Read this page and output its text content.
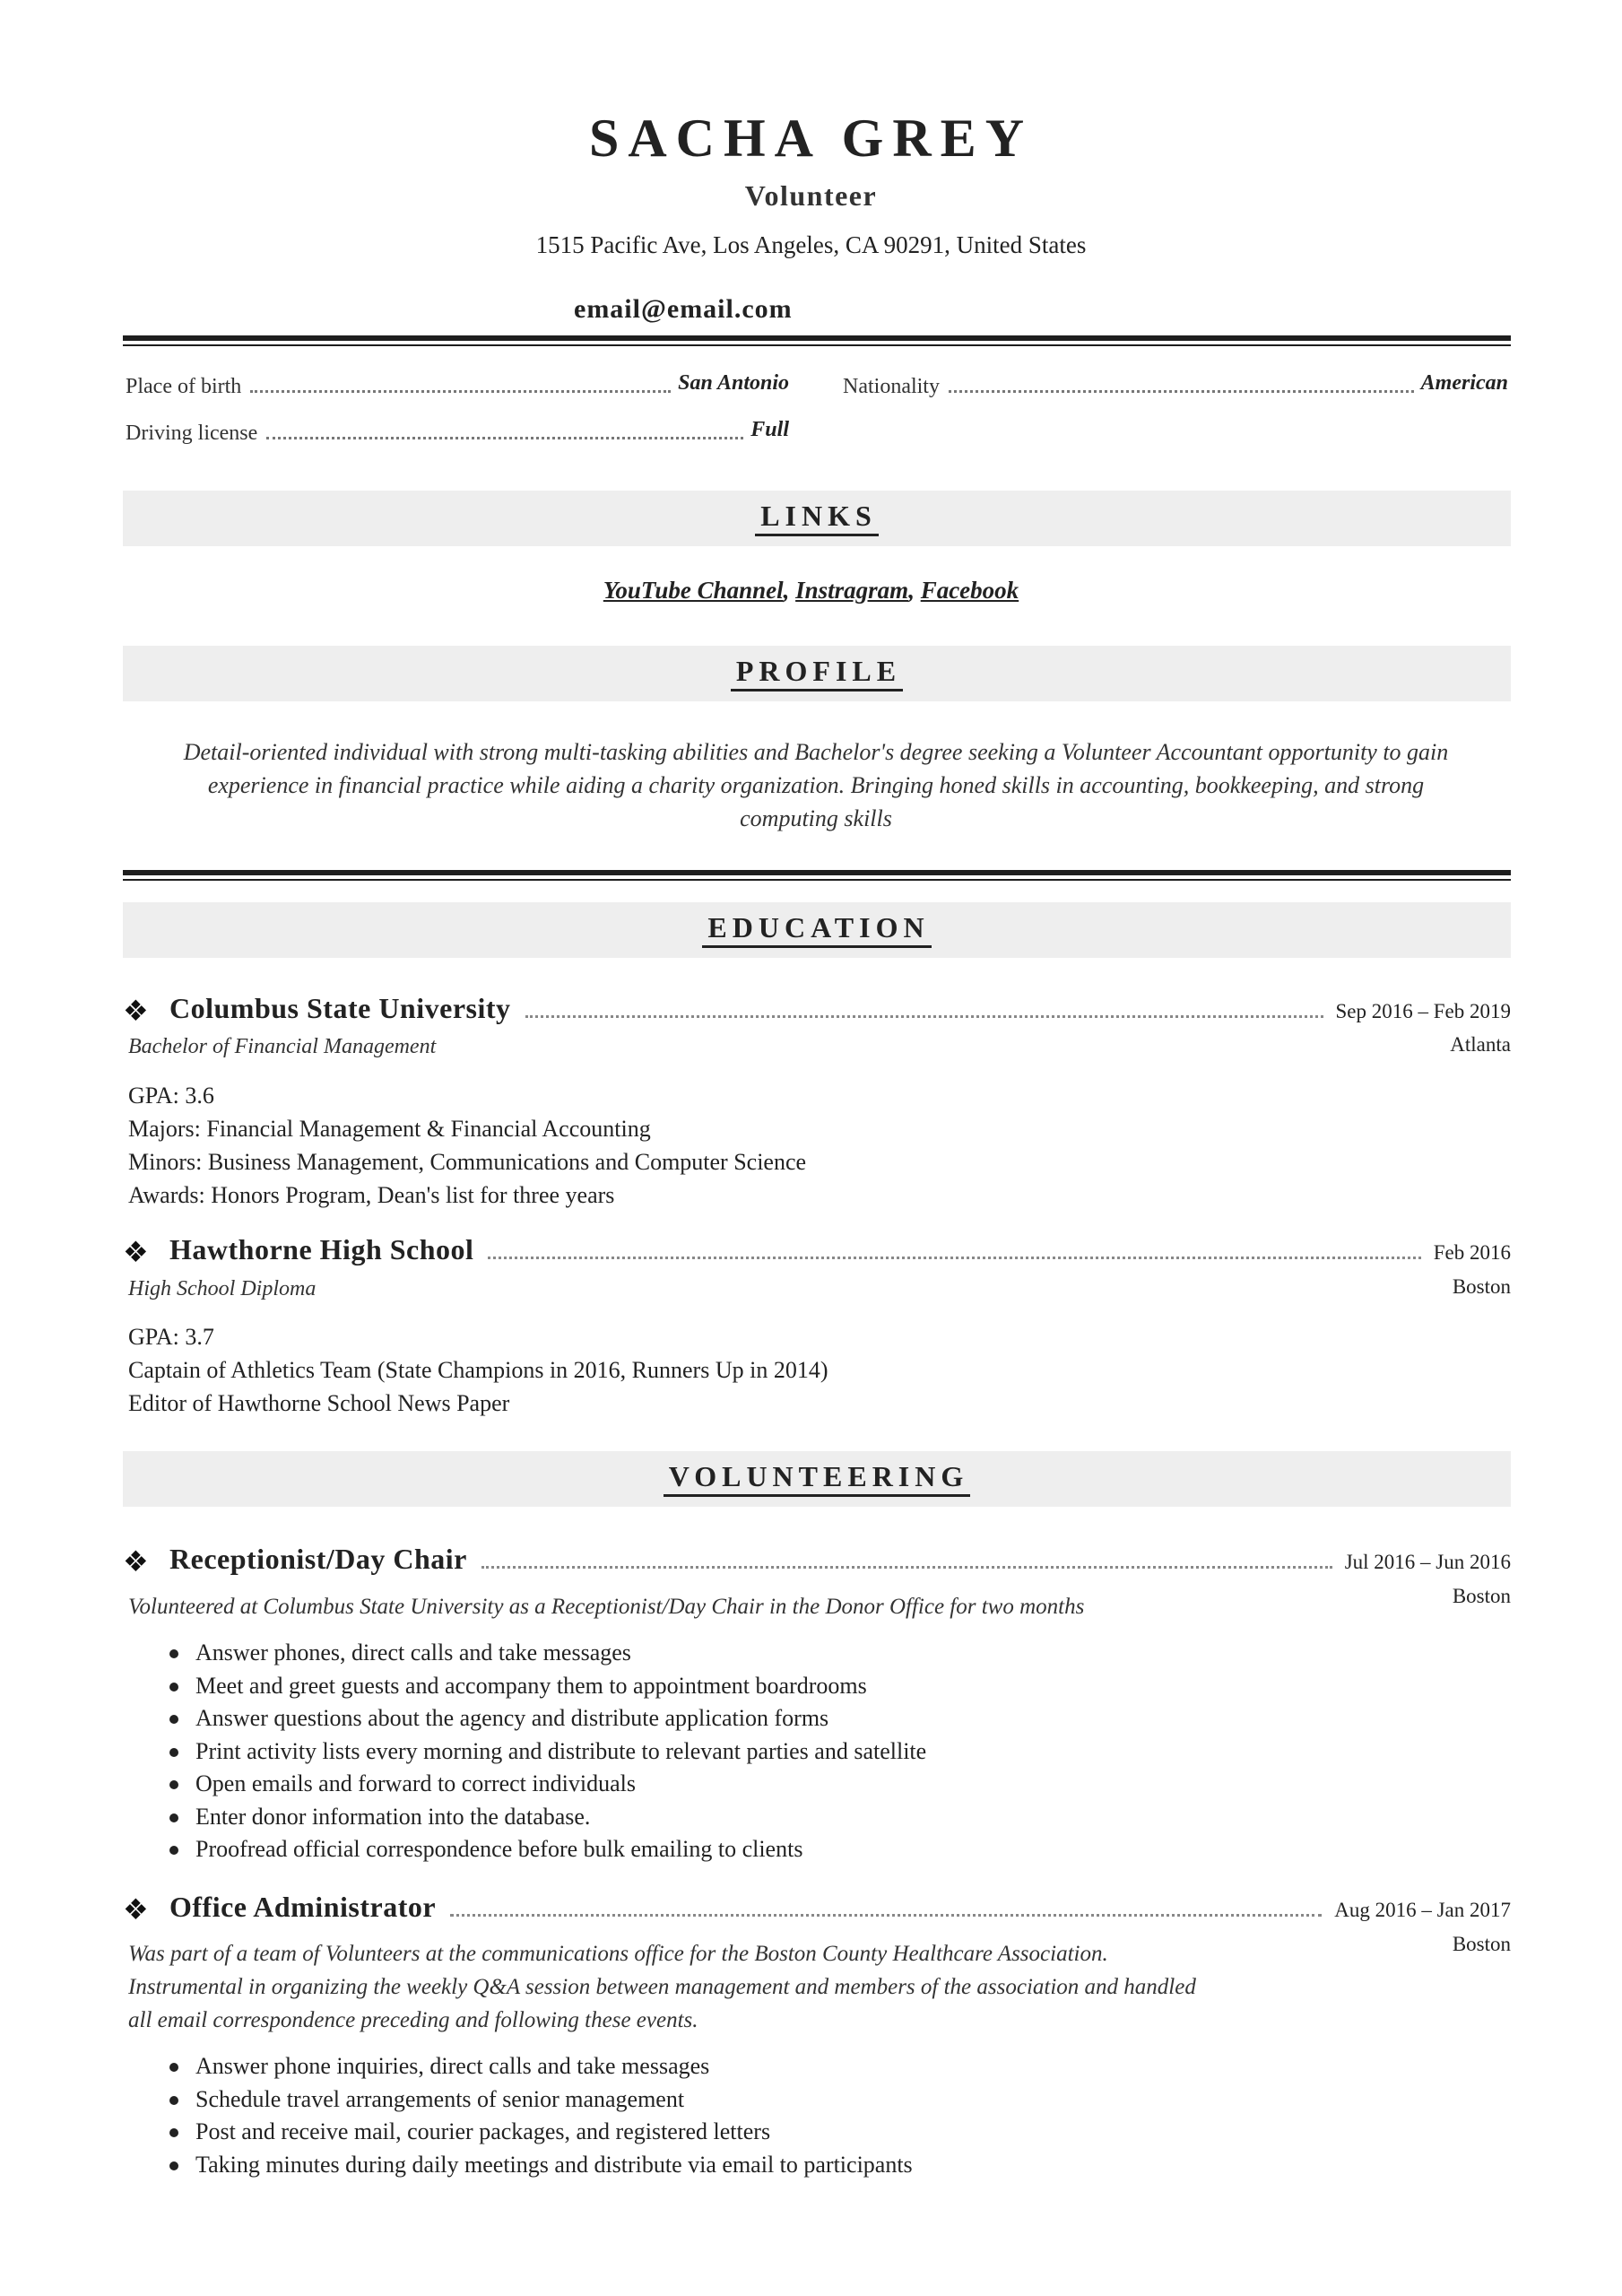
SACHA GREY
Volunteer
1515 Pacific Ave, Los Angeles, CA 90291, United States
email@email.com
Place of birth	San Antonio	Nationality	American
Driving license	Full
LINKS
YouTube Channel, Instragram, Facebook
PROFILE
Detail-oriented individual with strong multi-tasking abilities and Bachelor's degree seeking a Volunteer Accountant opportunity to gain
experience in financial practice while aiding a charity organization. Bringing honed skills in accounting, bookkeeping, and strong
computing skills
EDUCATION
❖ Columbus State University	Sep 2016 – Feb 2019
Bachelor of Financial Management	Atlanta
GPA: 3.6
Majors: Financial Management & Financial Accounting
Minors: Business Management, Communications and Computer Science
Awards: Honors Program, Dean's list for three years
❖ Hawthorne High School	Feb 2016
High School Diploma	Boston
GPA: 3.7
Captain of Athletics Team (State Champions in 2016, Runners Up in 2014)
Editor of Hawthorne School News Paper
VOLUNTEERING
❖ Receptionist/Day Chair	Jul 2016 – Jun 2016
Boston
Volunteered at Columbus State University as a Receptionist/Day Chair in the Donor Office for two months
Answer phones, direct calls and take messages
Meet and greet guests and accompany them to appointment boardrooms
Answer questions about the agency and distribute application forms
Print activity lists every morning and distribute to relevant parties and satellite
Open emails and forward to correct individuals
Enter donor information into the database.
Proofread official correspondence before bulk emailing to clients
❖ Office Administrator	Aug 2016 – Jan 2017
Boston
Was part of a team of Volunteers at the communications office for the Boston County Healthcare Association.
Instrumental in organizing the weekly Q&A session between management and members of the association and handled
all email correspondence preceding and following these events.
Answer phone inquiries, direct calls and take messages
Schedule travel arrangements of senior management
Post and receive mail, courier packages, and registered letters
Taking minutes during daily meetings and distribute via email to participants
